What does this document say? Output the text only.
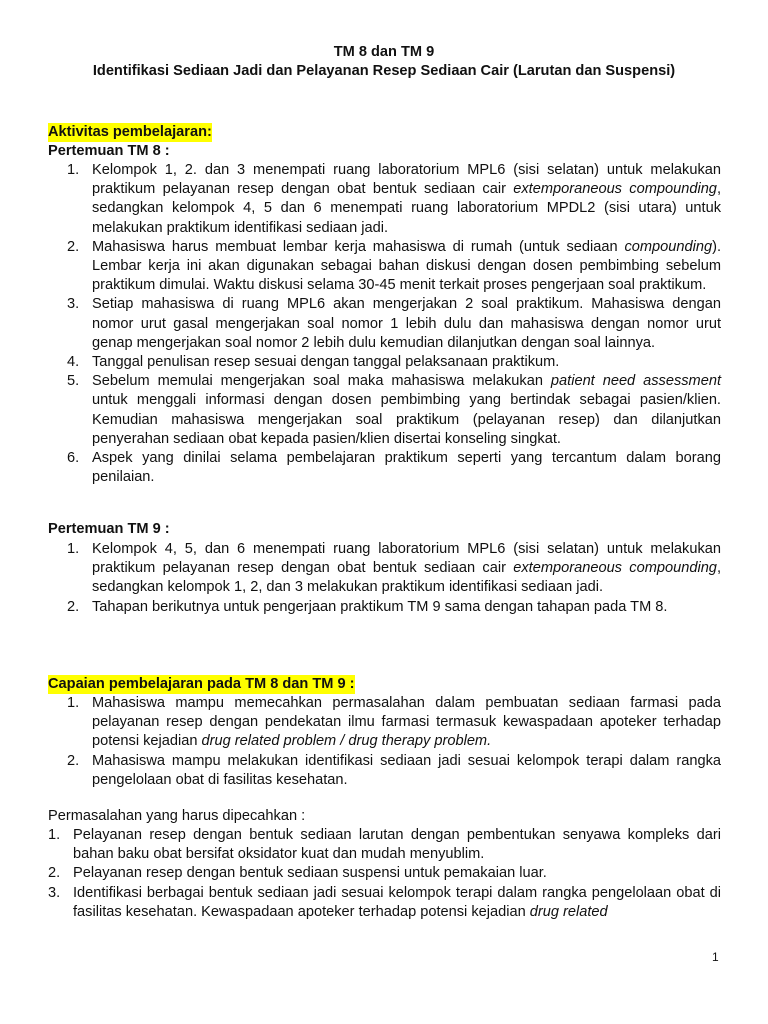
TM 8 dan TM 9
Identifikasi Sediaan Jadi dan Pelayanan Resep Sediaan Cair (Larutan dan Suspensi)
Aktivitas pembelajaran:
Pertemuan TM 8 :
1. Kelompok 1, 2. dan 3 menempati ruang laboratorium MPL6 (sisi selatan) untuk melakukan praktikum pelayanan resep dengan obat bentuk sediaan cair extemporaneous compounding, sedangkan kelompok 4, 5 dan 6 menempati ruang laboratorium MPDL2 (sisi utara) untuk melakukan praktikum identifikasi sediaan jadi.
2. Mahasiswa harus membuat lembar kerja mahasiswa di rumah (untuk sediaan compounding). Lembar kerja ini akan digunakan sebagai bahan diskusi dengan dosen pembimbing sebelum praktikum dimulai. Waktu diskusi selama 30-45 menit terkait proses pengerjaan soal praktikum.
3. Setiap mahasiswa di ruang MPL6 akan mengerjakan 2 soal praktikum. Mahasiswa dengan nomor urut gasal mengerjakan soal nomor 1 lebih dulu dan mahasiswa dengan nomor urut genap mengerjakan soal nomor 2 lebih dulu kemudian dilanjutkan dengan soal lainnya.
4. Tanggal penulisan resep sesuai dengan tanggal pelaksanaan praktikum.
5. Sebelum memulai mengerjakan soal maka mahasiswa melakukan patient need assessment untuk menggali informasi dengan dosen pembimbing yang bertindak sebagai pasien/klien. Kemudian mahasiswa mengerjakan soal praktikum (pelayanan resep) dan dilanjutkan penyerahan sediaan obat kepada pasien/klien disertai konseling singkat.
6. Aspek yang dinilai selama pembelajaran praktikum seperti yang tercantum dalam borang penilaian.
Pertemuan TM 9 :
1. Kelompok 4, 5, dan 6 menempati ruang laboratorium MPL6 (sisi selatan) untuk melakukan praktikum pelayanan resep dengan obat bentuk sediaan cair extemporaneous compounding, sedangkan kelompok 1, 2, dan 3 melakukan praktikum identifikasi sediaan jadi.
2. Tahapan berikutnya untuk pengerjaan praktikum TM 9 sama dengan tahapan pada TM 8.
Capaian pembelajaran pada TM 8 dan TM 9 :
1. Mahasiswa mampu memecahkan permasalahan dalam pembuatan sediaan farmasi pada pelayanan resep dengan pendekatan ilmu farmasi termasuk kewaspadaan apoteker terhadap potensi kejadian drug related problem / drug therapy problem.
2. Mahasiswa mampu melakukan identifikasi sediaan jadi sesuai kelompok terapi dalam rangka pengelolaan obat di fasilitas kesehatan.
Permasalahan yang harus dipecahkan :
1. Pelayanan resep dengan bentuk sediaan larutan dengan pembentukan senyawa kompleks dari bahan baku obat bersifat oksidator kuat dan mudah menyublim.
2. Pelayanan resep dengan bentuk sediaan suspensi untuk pemakaian luar.
3. Identifikasi berbagai bentuk sediaan jadi sesuai kelompok terapi dalam rangka pengelolaan obat di fasilitas kesehatan. Kewaspadaan apoteker terhadap potensi kejadian drug related
1
